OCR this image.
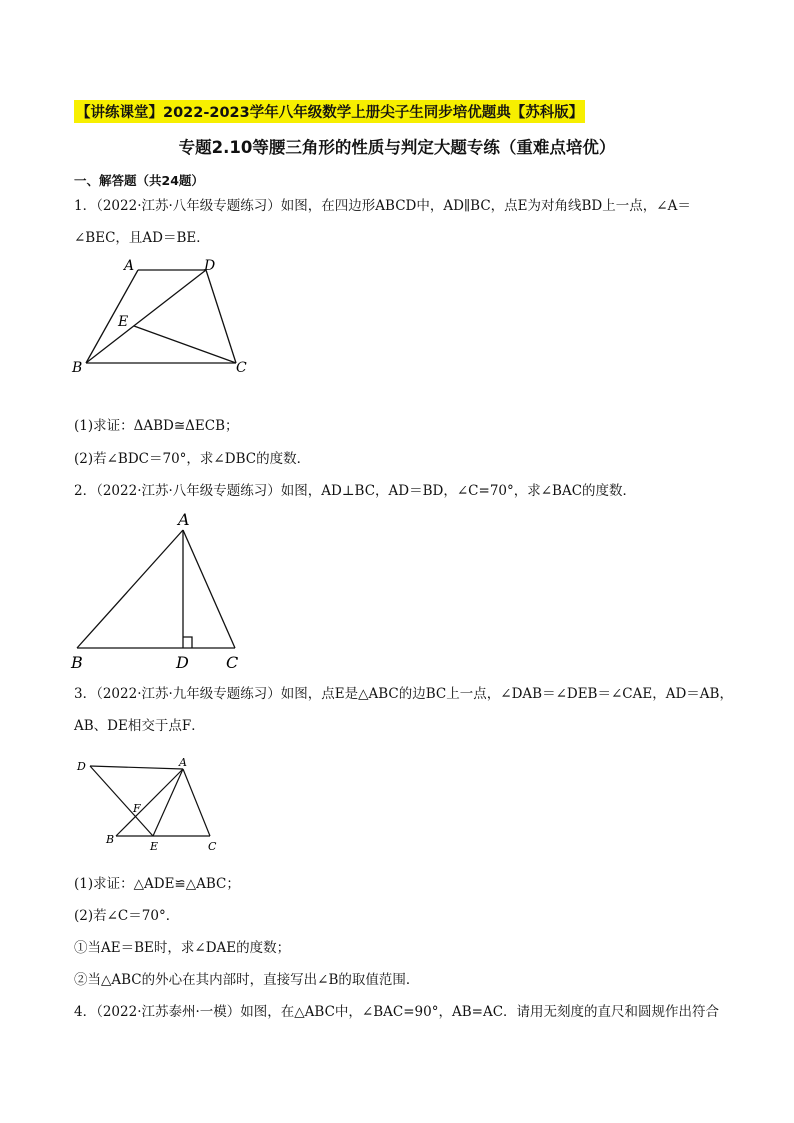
【讲练课堂】2022-2023学年八年级数学上册尖子生同步培优题典【苏科版】
专题2.10等腰三角形的性质与判定大题专练（重难点培优）
一、解答题（共24题）
1．（2022·江苏·八年级专题练习）如图，在四边形ABCD中，AD∥BC，点E为对角线BD上一点，∠A＝
∠BEC，且AD＝BE．
A	D
E
B	C
(1)求证：ΔABD≅ΔECB；
(2)若∠BDC＝70°，求∠DBC的度数．
2．（2022·江苏·八年级专题练习）如图，AD⊥BC，AD＝BD，∠C=70°，求∠BAC的度数．
A
B	D C
3．（2022·江苏·九年级专题练习）如图，点E是△ABC的边BC上一点，∠DAB＝∠DEB＝∠CAE，AD＝AB，
AB、DE相交于点F．
D	A
F
B
E	C
(1)求证：△ADE≌△ABC；
(2)若∠C＝70°．
①当AE＝BE时，求∠DAE的度数；
②当△ABC的外心在其内部时，直接写出∠B的取值范围．
4．（2022·江苏泰州·一模）如图，在△ABC中，∠BAC=90°，AB=AC．请用无刻度的直尺和圆规作出符合
